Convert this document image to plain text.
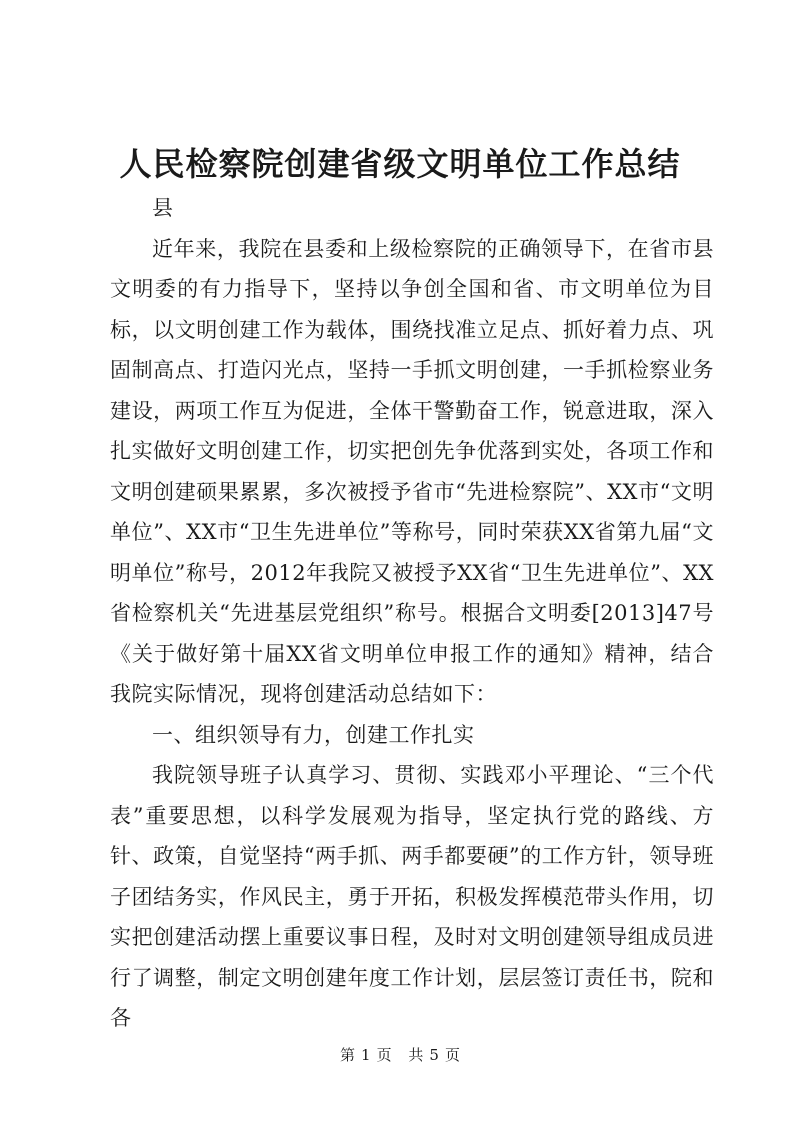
人民检察院创建省级文明单位工作总结

县

近年来，我院在县委和上级检察院的正确领导下，在省市县文明委的有力指导下，坚持以争创全国和省、市文明单位为目标，以文明创建工作为载体，围绕找准立足点、抓好着力点、巩固制高点、打造闪光点，坚持一手抓文明创建，一手抓检察业务建设，两项工作互为促进，全体干警勤奋工作，锐意进取，深入扎实做好文明创建工作，切实把创先争优落到实处，各项工作和文明创建硕果累累，多次被授予省市“先进检察院”、XX市“文明单位”、XX市“卫生先进单位”等称号，同时荣获XX省第九届“文明单位”称号，2012年我院又被授予XX省“卫生先进单位”、XX省检察机关“先进基层党组织”称号。根据合文明委[2013]47号《关于做好第十届XX省文明单位申报工作的通知》精神，结合我院实际情况，现将创建活动总结如下：

一、组织领导有力，创建工作扎实

我院领导班子认真学习、贯彻、实践邓小平理论、“三个代表”重要思想，以科学发展观为指导，坚定执行党的路线、方针、政策，自觉坚持“两手抓、两手都要硬”的工作方针，领导班子团结务实，作风民主，勇于开拓，积极发挥模范带头作用，切实把创建活动摆上重要议事日程，及时对文明创建领导组成员进行了调整，制定文明创建年度工作计划，层层签订责任书，院和各

第 1 页 共 5 页
